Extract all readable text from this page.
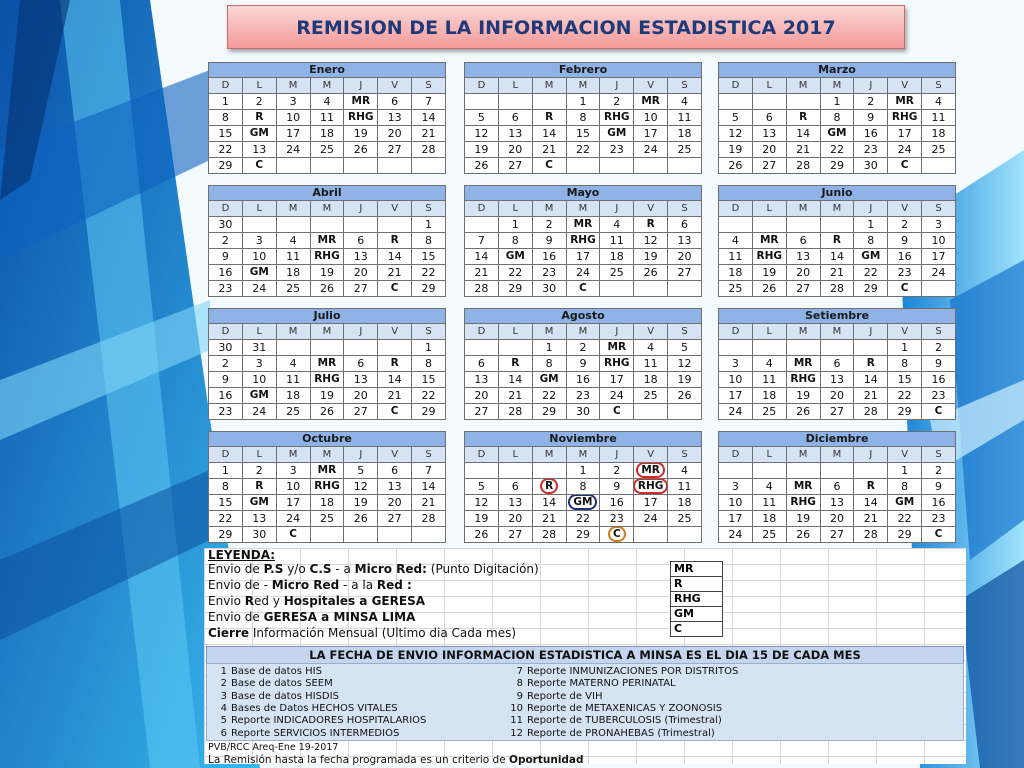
REMISION DE LA INFORMACION ESTADISTICA 2017
Enero						
D	L	M	M	J	V	S
1	2	3	4	MR	6	7
8	R	10	11	RHG	13	14
15	GM	17	18	19	20	21
22	13	24	25	26	27	28
29	C					
Febrero						
D	L	M	M	J	V	S
			1	2	MR	4
5	6	R	8	RHG	10	11
12	13	14	15	GM	17	18
19	20	21	22	23	24	25
26	27	C				
Marzo						
D	L	M	M	J	V	S
			1	2	MR	4
5	6	R	8	9	RHG	11
12	13	14	GM	16	17	18
19	20	21	22	23	24	25
26	27	28	29	30	C	
Abril						
D	L	M	M	J	V	S
30						1
2	3	4	MR	6	R	8
9	10	11	RHG	13	14	15
16	GM	18	19	20	21	22
23	24	25	26	27	C	29
Mayo						
D	L	M	M	J	V	S
	1	2	MR	4	R	6
7	8	9	RHG	11	12	13
14	GM	16	17	18	19	20
21	22	23	24	25	26	27
28	29	30	C			
Junio						
D	L	M	M	J	V	S
				1	2	3
4	MR	6	R	8	9	10
11	RHG	13	14	GM	16	17
18	19	20	21	22	23	24
25	26	27	28	29	C	
Julio						
D	L	M	M	J	V	S
30	31					1
2	3	4	MR	6	R	8
9	10	11	RHG	13	14	15
16	GM	18	19	20	21	22
23	24	25	26	27	C	29
Agosto						
D	L	M	M	J	V	S
		1	2	MR	4	5
6	R	8	9	RHG	11	12
13	14	GM	16	17	18	19
20	21	22	23	24	25	26
27	28	29	30	C		
Setiembre						
D	L	M	M	J	V	S
					1	2
3	4	MR	6	R	8	9
10	11	RHG	13	14	15	16
17	18	19	20	21	22	23
24	25	26	27	28	29	C
Octubre						
D	L	M	M	J	V	S
1	2	3	MR	5	6	7
8	R	10	RHG	12	13	14
15	GM	17	18	19	20	21
22	13	24	25	26	27	28
29	30	C				
Noviembre						
D	L	M	M	J	V	S
			1	2	MR	4
5	6	R	8	9	RHG	11
12	13	14	GM	16	17	18
19	20	21	22	23	24	25
26	27	28	29	C		
Diciembre						
D	L	M	M	J	V	S
					1	2
3	4	MR	6	R	8	9
10	11	RHG	13	14	GM	16
17	18	19	20	21	22	23
24	25	26	27	28	29	C
LEYENDA:
Envio de P.S y/o C.S - a Micro Red: (Punto Digitación)
Envio de - Micro Red - a la Red :
Envio Red y Hospitales a GERESA
Envio de GERESA a MINSA LIMA
Cierre Información Mensual (Ultimo dia Cada mes)
MR
R
RHG
GM
C
LA FECHA DE ENVIO INFORMACION ESTADISTICA A MINSA ES EL DIA 15 DE CADA MES
1 Base de datos HIS
2 Base de datos SEEM
3 Base de datos HISDIS
4 Bases de Datos HECHOS VITALES
5 Reporte INDICADORES HOSPITALARIOS
6 Reporte SERVICIOS INTERMEDIOS
7 Reporte INMUNIZACIONES POR DISTRITOS
8 Reporte MATERNO PERINATAL
9 Reporte de VIH
10 Reporte de METAXENICAS Y ZOONOSIS
11 Reporte de TUBERCULOSIS (Trimestral)
12 Reporte de PRONAHEBAS (Trimestral)
PVB/RCC Areq-Ene 19-2017
La Remisión hasta la fecha programada es un criterio de Oportunidad
